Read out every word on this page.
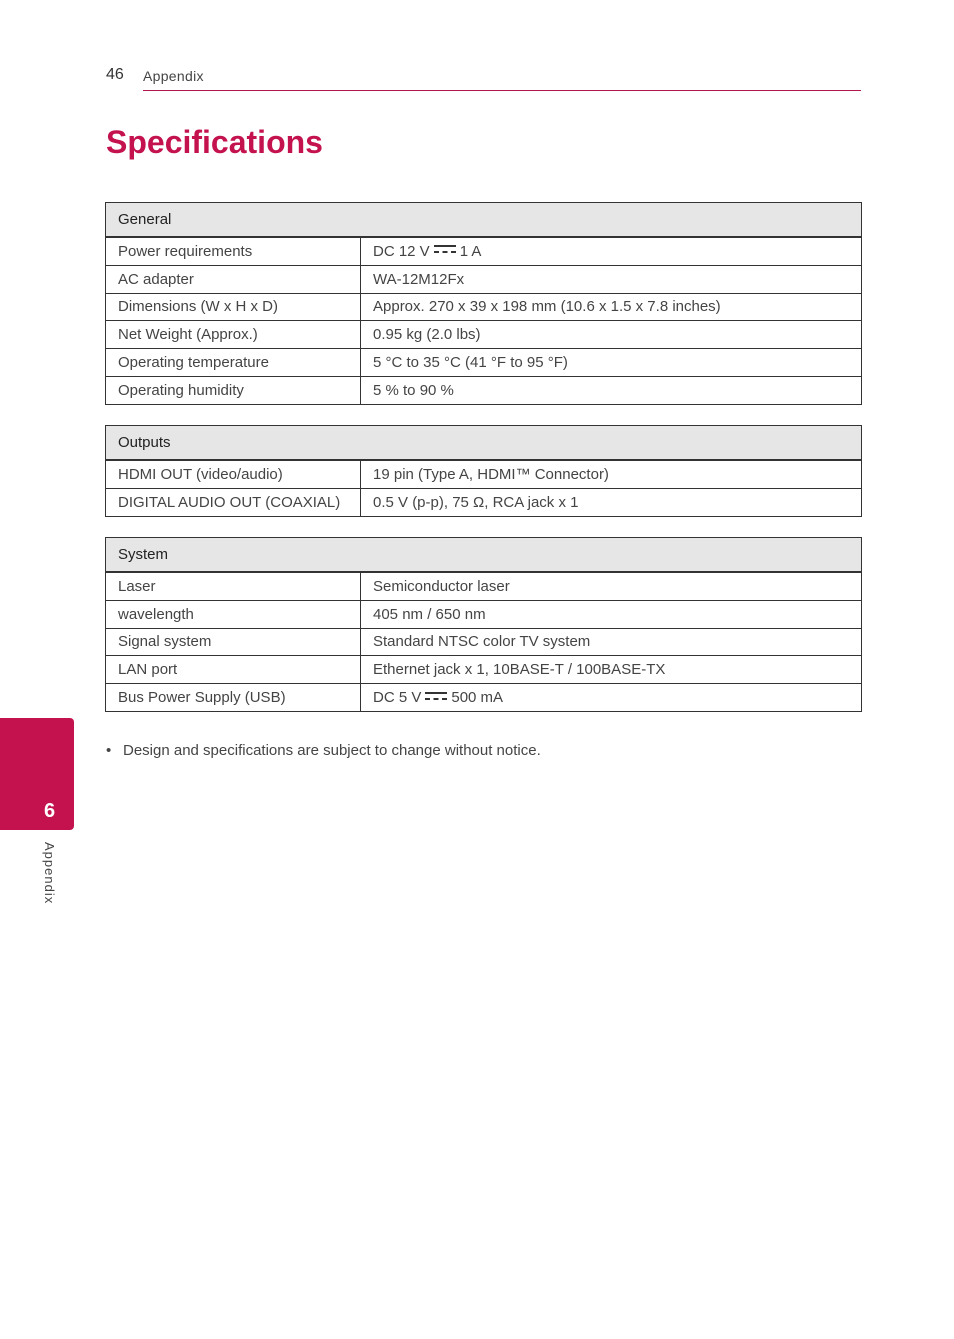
46 Appendix
Specifications
General	
Power requirements	DC 12 V 1 A
AC adapter	WA-12M12Fx
Dimensions (W x H x D)	Approx. 270 x 39 x 198 mm (10.6 x 1.5 x 7.8 inches)
Net Weight (Approx.)	0.95 kg (2.0 lbs)
Operating temperature	5 °C to 35 °C (41 °F to 95 °F)
Operating humidity	5 % to 90 %
Outputs	
HDMI OUT (video/audio)	19 pin (Type A, HDMI™ Connector)
DIGITAL AUDIO OUT (COAXIAL)	0.5 V (p-p), 75 Ω, RCA jack x 1
System	
Laser	Semiconductor laser
wavelength	405 nm / 650 nm
Signal system	Standard NTSC color TV system
LAN port	Ethernet jack x 1, 10BASE-T / 100BASE-TX
Bus Power Supply (USB)	DC 5 V 500 mA
• Design and specifications are subject to change without notice.
6
Appendix
